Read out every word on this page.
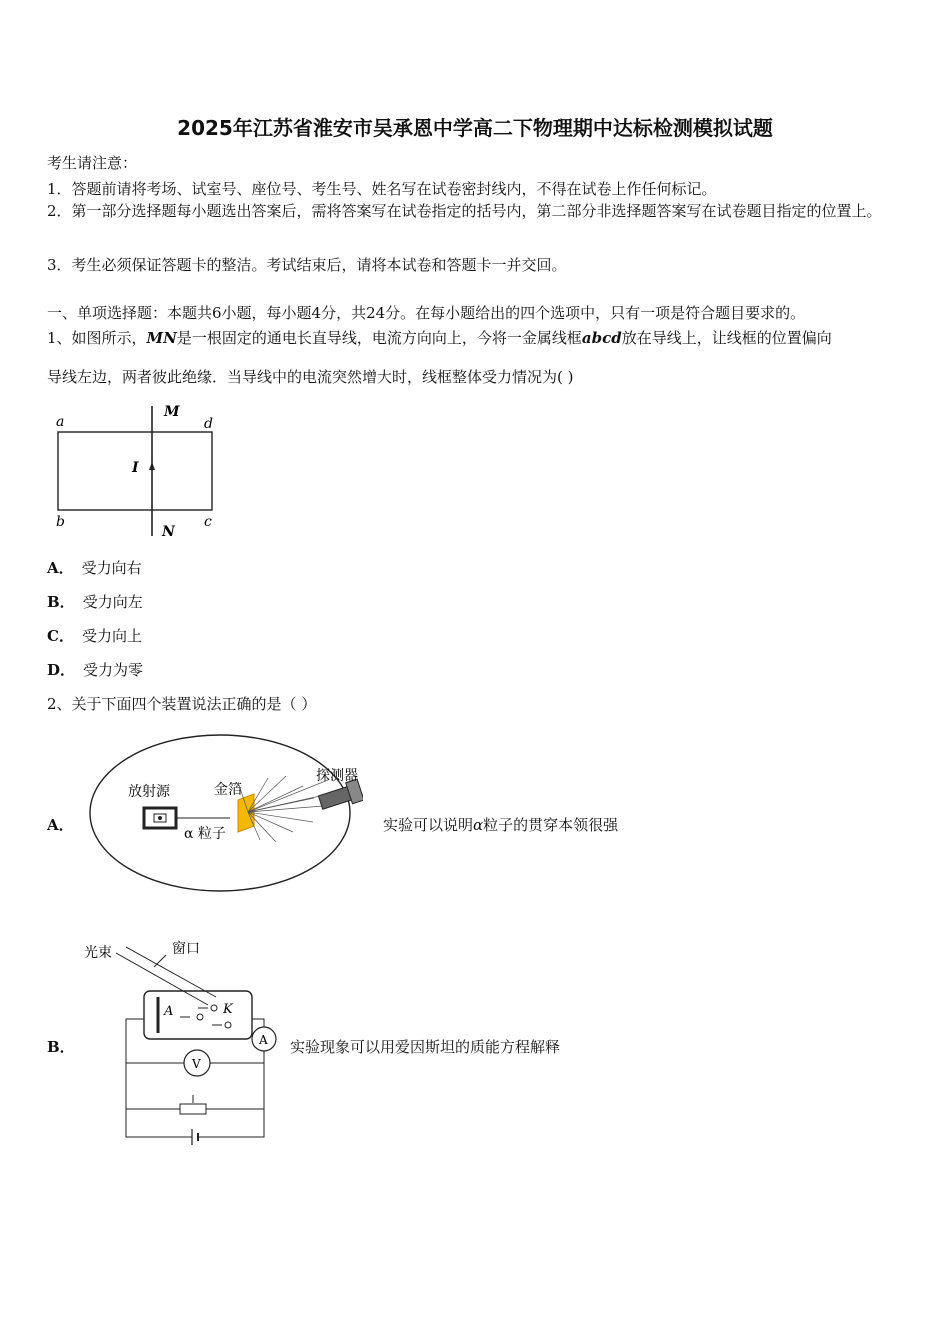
2025年江苏省淮安市吴承恩中学高二下物理期中达标检测模拟试题
考生请注意：
1．答题前请将考场、试室号、座位号、考生号、姓名写在试卷密封线内，不得在试卷上作任何标记。
2．第一部分选择题每小题选出答案后，需将答案写在试卷指定的括号内，第二部分非选择题答案写在试卷题目指定的位置上。
3．考生必须保证答题卡的整洁。考试结束后，请将本试卷和答题卡一并交回。
一、单项选择题：本题共6小题，每小题4分，共24分。在每小题给出的四个选项中，只有一项是符合题目要求的。
1、如图所示，MN是一根固定的通电长直导线，电流方向向上，今将一金属线框abcd放在导线上，让线框的位置偏向
导线左边，两者彼此绝缘．当导线中的电流突然增大时，线框整体受力情况为( )
a
b	c
d
M
N
I
A． 受力向右
B． 受力向左
C． 受力向上
D． 受力为零
2、关于下面四个装置说法正确的是（ ）
A．
放射源	金箔
探测器
α 粒子	实验可以说明α粒子的贯穿本领很强
B．
光束	窗口
A	K
A
V
实验现象可以用爱因斯坦的质能方程解释
